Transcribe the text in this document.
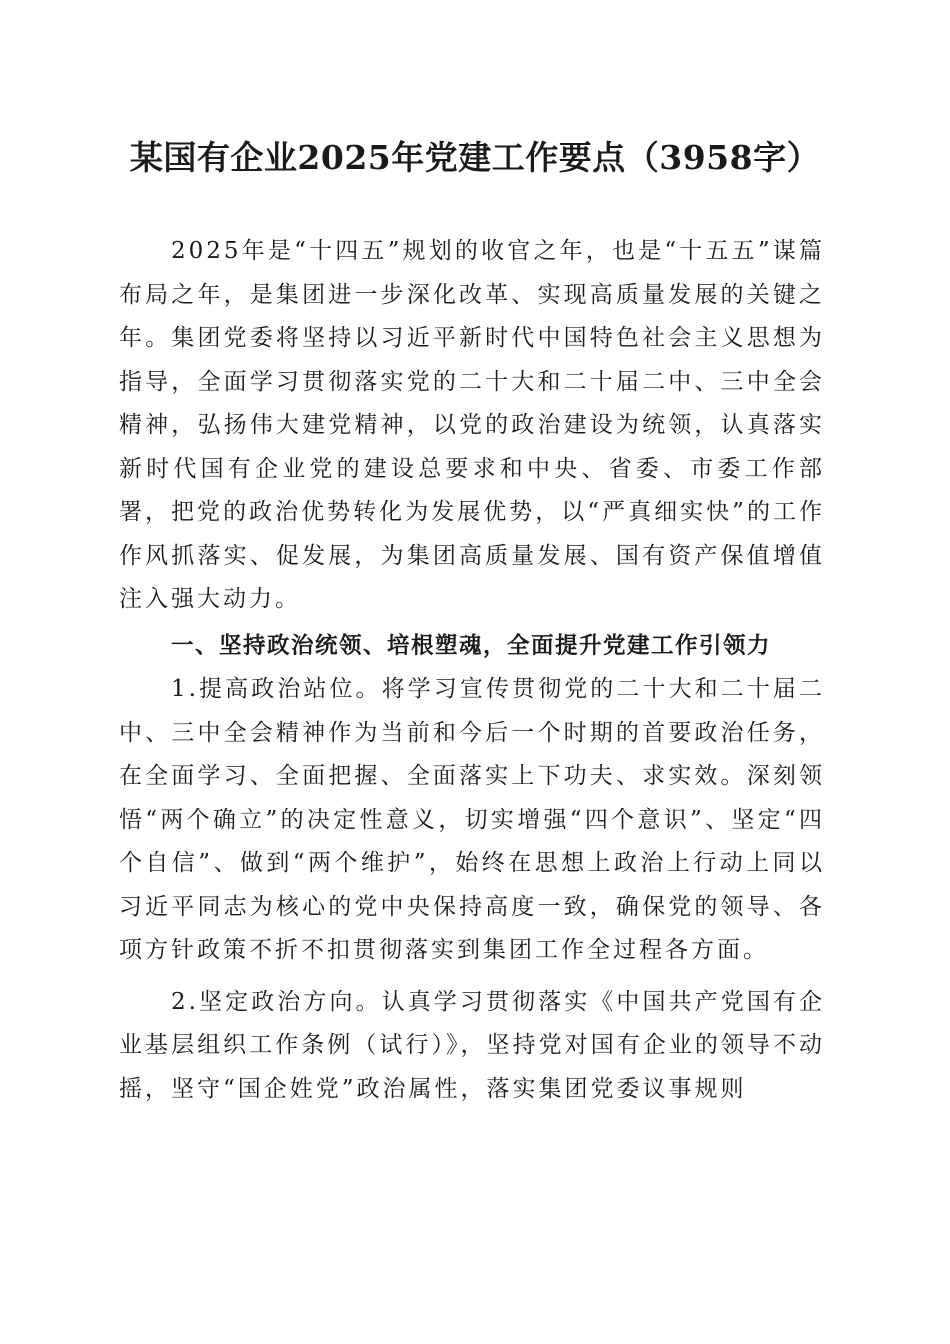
某国有企业2025年党建工作要点（3958字）

2025年是“十四五”规划的收官之年，也是“十五五”谋篇布局之年，是集团进一步深化改革、实现高质量发展的关键之年。集团党委将坚持以习近平新时代中国特色社会主义思想为指导，全面学习贯彻落实党的二十大和二十届二中、三中全会精神，弘扬伟大建党精神，以党的政治建设为统领，认真落实新时代国有企业党的建设总要求和中央、省委、市委工作部署，把党的政治优势转化为发展优势，以“严真细实快”的工作作风抓落实、促发展，为集团高质量发展、国有资产保值增值注入强大动力。

一、坚持政治统领、培根塑魂，全面提升党建工作引领力

1.提高政治站位。将学习宣传贯彻党的二十大和二十届二中、三中全会精神作为当前和今后一个时期的首要政治任务，在全面学习、全面把握、全面落实上下功夫、求实效。深刻领悟“两个确立”的决定性意义，切实增强“四个意识”、坚定“四个自信”、做到“两个维护”，始终在思想上政治上行动上同以习近平同志为核心的党中央保持高度一致，确保党的领导、各项方针政策不折不扣贯彻落实到集团工作全过程各方面。

2.坚定政治方向。认真学习贯彻落实《中国共产党国有企业基层组织工作条例（试行）》，坚持党对国有企业的领导不动摇，坚守“国企姓党”政治属性，落实集团党委议事规则
